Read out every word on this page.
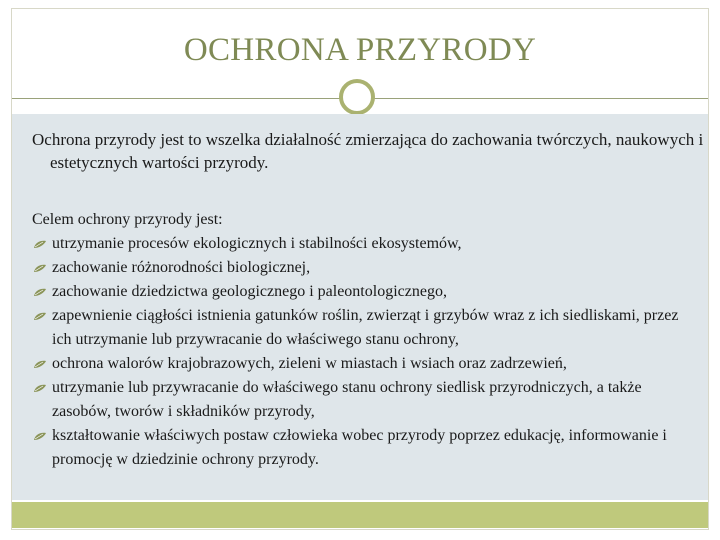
OCHRONA PRZYRODY
Ochrona przyrody jest to wszelka działalność zmierzająca do zachowania twórczych, naukowych i estetycznych wartości przyrody.
Celem ochrony przyrody jest:
utrzymanie procesów ekologicznych i stabilności ekosystemów,
zachowanie różnorodności biologicznej,
zachowanie dziedzictwa geologicznego i paleontologicznego,
zapewnienie ciągłości istnienia gatunków roślin, zwierząt i grzybów wraz z ich siedliskami, przez ich utrzymanie lub przywracanie do właściwego stanu ochrony,
ochrona walorów krajobrazowych, zieleni w miastach i wsiach oraz zadrzewień,
utrzymanie lub przywracanie do właściwego stanu ochrony siedlisk przyrodniczych, a także zasobów, tworów i składników przyrody,
kształtowanie właściwych postaw człowieka wobec przyrody poprzez edukację, informowanie i promocję w dziedzinie ochrony przyrody.
